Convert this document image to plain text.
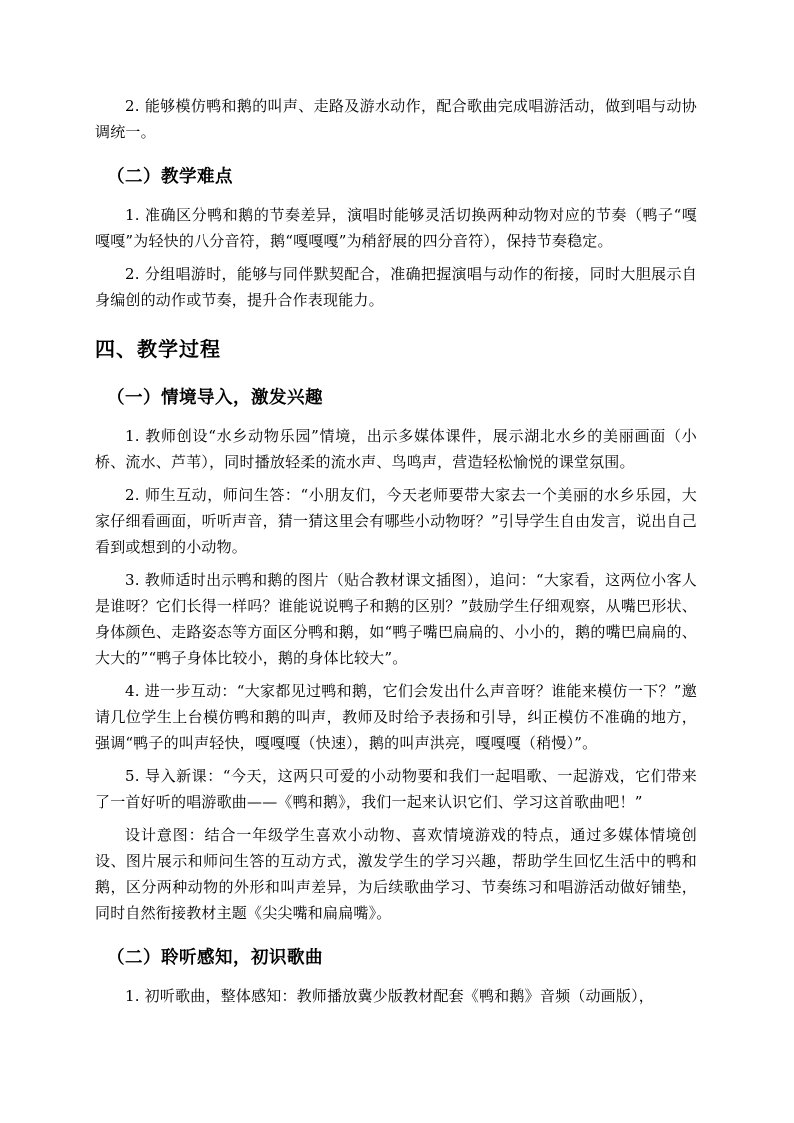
2. 能够模仿鸭和鹅的叫声、走路及游水动作，配合歌曲完成唱游活动，做到唱与动协调统一。

（二）教学难点

1. 准确区分鸭和鹅的节奏差异，演唱时能够灵活切换两种动物对应的节奏（鸭子“嘎嘎嘎”为轻快的八分音符，鹅“嘎嘎嘎”为稍舒展的四分音符），保持节奏稳定。

2. 分组唱游时，能够与同伴默契配合，准确把握演唱与动作的衔接，同时大胆展示自身编创的动作或节奏，提升合作表现能力。

四、教学过程
（一）情境导入，激发兴趣

1. 教师创设“水乡动物乐园”情境，出示多媒体课件，展示湖北水乡的美丽画面（小桥、流水、芦苇），同时播放轻柔的流水声、鸟鸣声，营造轻松愉悦的课堂氛围。

2. 师生互动，师问生答：“小朋友们，今天老师要带大家去一个美丽的水乡乐园，大家仔细看画面，听听声音，猜一猜这里会有哪些小动物呀？”引导学生自由发言，说出自己看到或想到的小动物。

3. 教师适时出示鸭和鹅的图片（贴合教材课文插图），追问：“大家看，这两位小客人是谁呀？它们长得一样吗？谁能说说鸭子和鹅的区别？”鼓励学生仔细观察，从嘴巴形状、身体颜色、走路姿态等方面区分鸭和鹅，如“鸭子嘴巴扁扁的、小小的，鹅的嘴巴扁扁的、大大的”“鸭子身体比较小，鹅的身体比较大”。

4. 进一步互动：“大家都见过鸭和鹅，它们会发出什么声音呀？谁能来模仿一下？”邀请几位学生上台模仿鸭和鹅的叫声，教师及时给予表扬和引导，纠正模仿不准确的地方，强调“鸭子的叫声轻快，嘎嘎嘎（快速），鹅的叫声洪亮，嘎嘎嘎（稍慢）”。

5. 导入新课：“今天，这两只可爱的小动物要和我们一起唱歌、一起游戏，它们带来了一首好听的唱游歌曲——《鸭和鹅》，我们一起来认识它们、学习这首歌曲吧！”

设计意图：结合一年级学生喜欢小动物、喜欢情境游戏的特点，通过多媒体情境创设、图片展示和师问生答的互动方式，激发学生的学习兴趣，帮助学生回忆生活中的鸭和鹅，区分两种动物的外形和叫声差异，为后续歌曲学习、节奏练习和唱游活动做好铺垫，同时自然衔接教材主题《尖尖嘴和扁扁嘴》。

（二）聆听感知，初识歌曲

1. 初听歌曲，整体感知：教师播放冀少版教材配套《鸭和鹅》音频（动画版），
